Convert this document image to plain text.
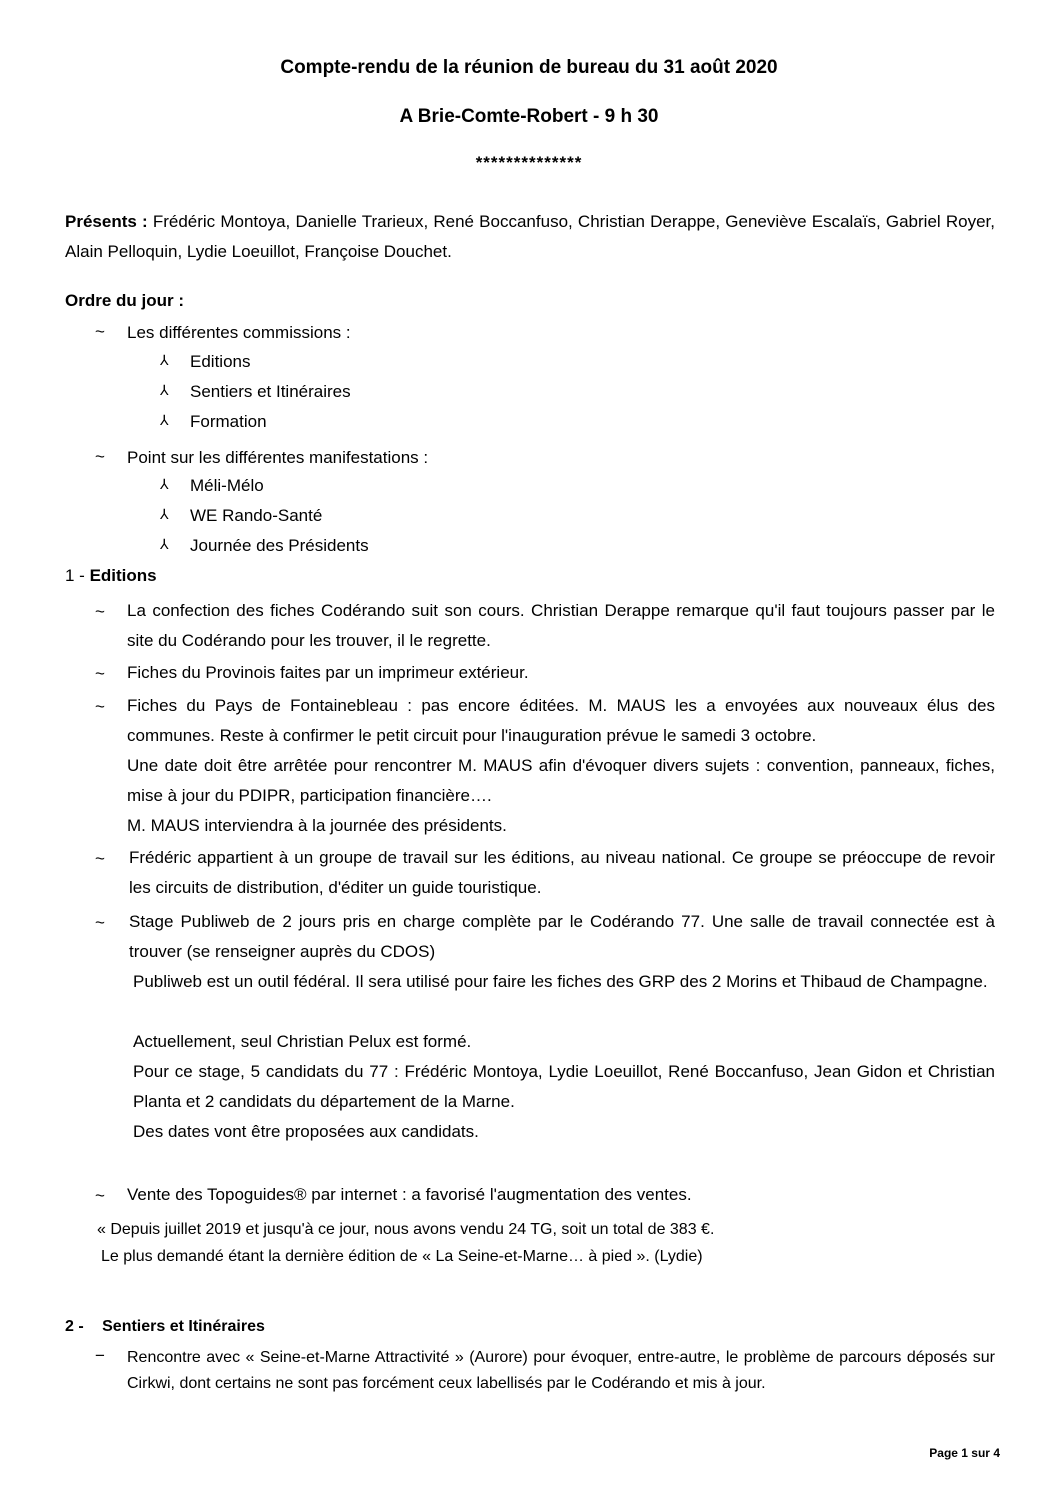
Compte-rendu de la réunion de bureau du 31 août 2020
A Brie-Comte-Robert - 9 h 30
**************
Présents : Frédéric Montoya, Danielle Trarieux, René Boccanfuso, Christian Derappe, Geneviève Escalaïs, Gabriel Royer, Alain Pelloquin, Lydie Loeuillot, Françoise Douchet.
Ordre du jour :
~	Les différentes commissions :
⅄ Editions
⅄ Sentiers et Itinéraires
⅄ Formation
~	Point sur les différentes manifestations :
⅄ Méli-Mélo
⅄ WE Rando-Santé
⅄ Journée des Présidents
1 - Editions
~	La confection des fiches Codérando suit son cours. Christian Derappe remarque qu'il faut toujours passer par le site du Codérando pour les trouver, il le regrette.
~	Fiches du Provinois faites par un imprimeur extérieur.
~	Fiches du Pays de Fontainebleau : pas encore éditées. M. MAUS les a envoyées aux nouveaux élus des communes. Reste à confirmer le petit circuit pour l'inauguration prévue le samedi 3 octobre.
Une date doit être arrêtée pour rencontrer M. MAUS afin d'évoquer divers sujets : convention, panneaux, fiches, mise à jour du PDIPR, participation financière….
M. MAUS interviendra à la journée des présidents.
~	Frédéric appartient à un groupe de travail sur les éditions, au niveau national. Ce groupe se préoccupe de revoir les circuits de distribution, d'éditer un guide touristique.
~	Stage Publiweb de 2 jours pris en charge complète par le Codérando 77. Une salle de travail connectée est à trouver (se renseigner auprès du CDOS)
Publiweb est un outil fédéral. Il sera utilisé pour faire les fiches des GRP des 2 Morins et Thibaud de Champagne.
Actuellement, seul Christian Pelux est formé.
Pour ce stage, 5 candidats du 77 : Frédéric Montoya, Lydie Loeuillot, René Boccanfuso, Jean Gidon et Christian Planta et 2 candidats du département de la Marne.
Des dates vont être proposées aux candidats.
~	Vente des Topoguides® par internet : a favorisé l'augmentation des ventes.
« Depuis juillet 2019 et jusqu'à ce jour, nous avons vendu 24 TG, soit un total de 383 €.
Le plus demandé étant la dernière édition de « La Seine-et-Marne… à pied ». (Lydie)
2 - Sentiers et Itinéraires
−	Rencontre avec « Seine-et-Marne Attractivité » (Aurore) pour évoquer, entre-autre, le problème de parcours déposés sur Cirkwi, dont certains ne sont pas forcément ceux labellisés par le Codérando et mis à jour.
Page 1 sur 4
